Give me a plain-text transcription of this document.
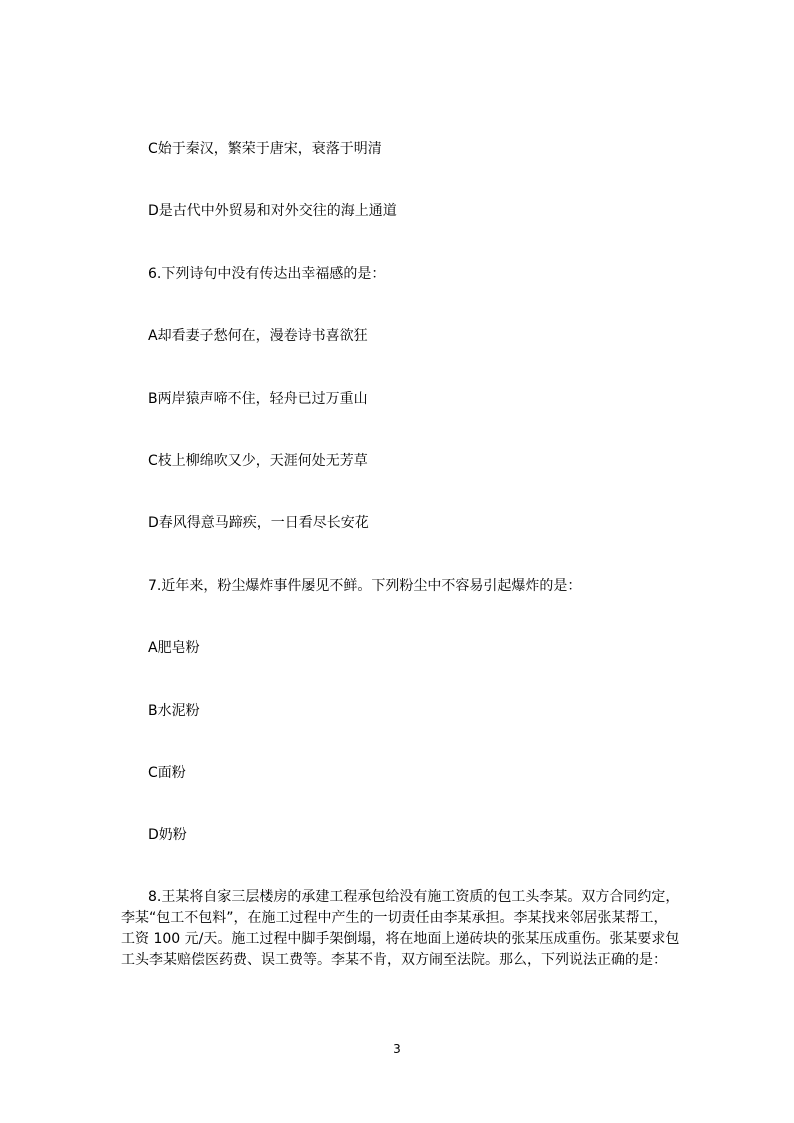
C始于秦汉，繁荣于唐宋，衰落于明清
D是古代中外贸易和对外交往的海上通道
6.下列诗句中没有传达出幸福感的是：
A却看妻子愁何在，漫卷诗书喜欲狂
B两岸猿声啼不住，轻舟已过万重山
C枝上柳绵吹又少，天涯何处无芳草
D春风得意马蹄疾，一日看尽长安花
7.近年来，粉尘爆炸事件屡见不鲜。下列粉尘中不容易引起爆炸的是：
A肥皂粉
B水泥粉
C面粉
D奶粉

8.王某将自家三层楼房的承建工程承包给没有施工资质的包工头李某。双方合同约定，

李某“包工不包料”，在施工过程中产生的一切责任由李某承担。李某找来邻居张某帮工，

工资 100 元/天。施工过程中脚手架倒塌，将在地面上递砖块的张某压成重伤。张某要求包

工头李某赔偿医药费、误工费等。李某不肯，双方闹至法院。那么，下列说法正确的是：

3
